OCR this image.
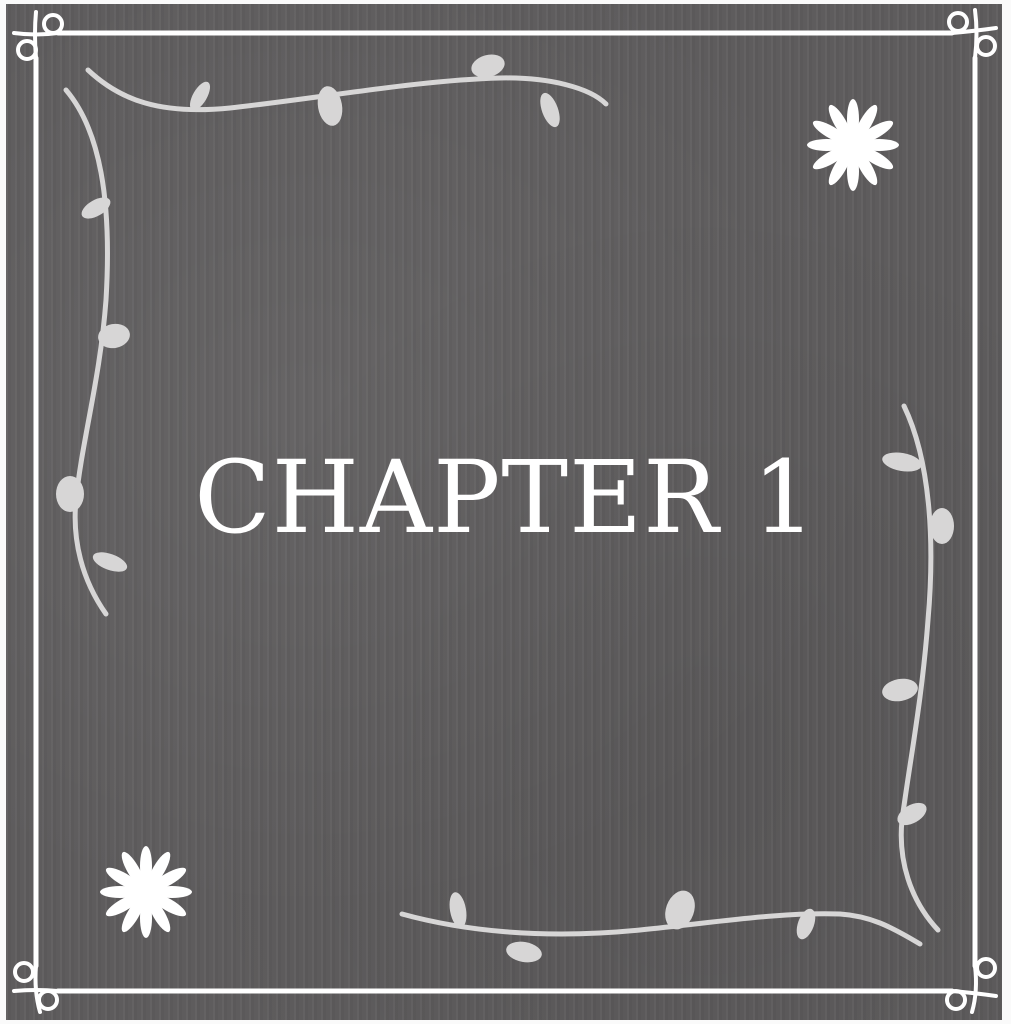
CHAPTER 1
